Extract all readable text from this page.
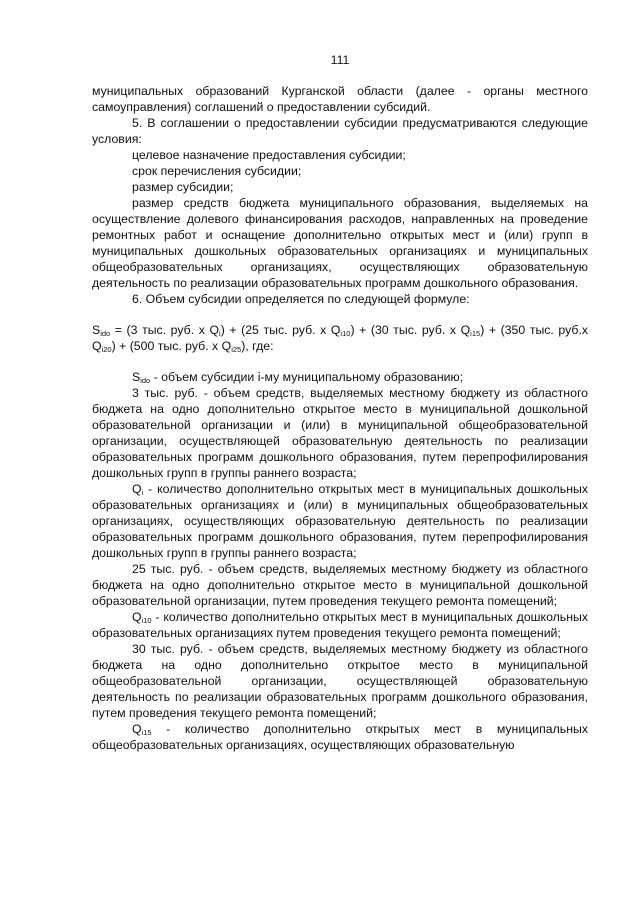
111

муниципальных образований Курганской области (далее - органы местного самоуправления) соглашений о предоставлении субсидий.

5. В соглашении о предоставлении субсидии предусматриваются следующие условия:

целевое назначение предоставления субсидии;

срок перечисления субсидии;

размер субсидии;

размер средств бюджета муниципального образования, выделяемых на осуществление долевого финансирования расходов, направленных на проведение ремонтных работ и оснащение дополнительно открытых мест и (или) групп в муниципальных дошкольных образовательных организациях и муниципальных общеобразовательных организациях, осуществляющих образовательную деятельность по реализации образовательных программ дошкольного образования.

6. Объем субсидии определяется по следующей формуле:

$S_{ido} = (3$ тыс. руб. x $Q_i) + (25$ тыс. руб. x $Q_{i10}) + (30$ тыс. руб. x $Q_{i15}) + (350$ тыс. руб.x $Q_{i20}) + (500$ тыс. руб. x $Q_{i25}$), где:

$S_{ido}$ - объем субсидии i-му муниципальному образованию;

3 тыс. руб. - объем средств, выделяемых местному бюджету из областного бюджета на одно дополнительно открытое место в муниципальной дошкольной образовательной организации и (или) в муниципальной общеобразовательной организации, осуществляющей образовательную деятельность по реализации образовательных программ дошкольного образования, путем перепрофилирования дошкольных групп в группы раннего возраста;

$Q_i$ - количество дополнительно открытых мест в муниципальных дошкольных образовательных организациях и (или) в муниципальных общеобразовательных организациях, осуществляющих образовательную деятельность по реализации образовательных программ дошкольного образования, путем перепрофилирования дошкольных групп в группы раннего возраста;

25 тыс. руб. - объем средств, выделяемых местному бюджету из областного бюджета на одно дополнительно открытое место в муниципальной дошкольной образовательной организации, путем проведения текущего ремонта помещений;

$Q_{i10}$ - количество дополнительно открытых мест в муниципальных дошкольных образовательных организациях путем проведения текущего ремонта помещений;

30 тыс. руб. - объем средств, выделяемых местному бюджету из областного бюджета на одно дополнительно открытое место в муниципальной общеобразовательной организации, осуществляющей образовательную деятельность по реализации образовательных программ дошкольного образования, путем проведения текущего ремонта помещений;

$Q_{i15}$ - количество дополнительно открытых мест в муниципальных общеобразовательных организациях, осуществляющих образовательную
